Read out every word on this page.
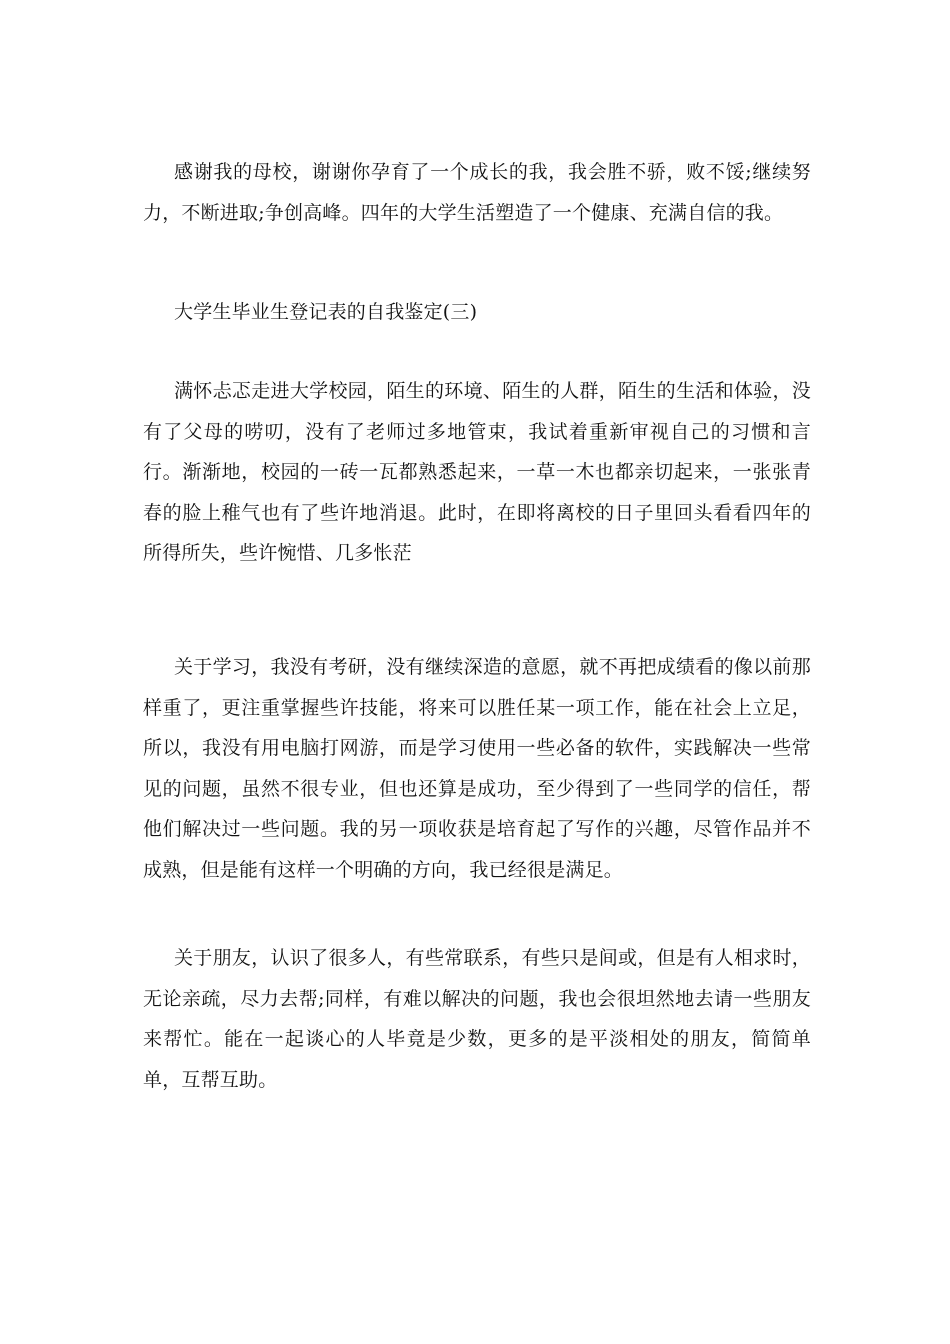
感谢我的母校，谢谢你孕育了一个成长的我，我会胜不骄，败不馁;继续努力，不断进取;争创高峰。四年的大学生活塑造了一个健康、充满自信的我。

大学生毕业生登记表的自我鉴定(三)

满怀忐忑走进大学校园，陌生的环境、陌生的人群，陌生的生活和体验，没有了父母的唠叨，没有了老师过多地管束，我试着重新审视自己的习惯和言行。渐渐地，校园的一砖一瓦都熟悉起来，一草一木也都亲切起来，一张张青春的脸上稚气也有了些许地消退。此时，在即将离校的日子里回头看看四年的所得所失，些许惋惜、几多怅茫

关于学习，我没有考研，没有继续深造的意愿，就不再把成绩看的像以前那样重了，更注重掌握些许技能，将来可以胜任某一项工作，能在社会上立足，所以，我没有用电脑打网游，而是学习使用一些必备的软件，实践解决一些常见的问题，虽然不很专业，但也还算是成功，至少得到了一些同学的信任，帮他们解决过一些问题。我的另一项收获是培育起了写作的兴趣，尽管作品并不成熟，但是能有这样一个明确的方向，我已经很是满足。

关于朋友，认识了很多人，有些常联系，有些只是间或，但是有人相求时，无论亲疏，尽力去帮;同样，有难以解决的问题，我也会很坦然地去请一些朋友来帮忙。能在一起谈心的人毕竟是少数，更多的是平淡相处的朋友，简简单单，互帮互助。
